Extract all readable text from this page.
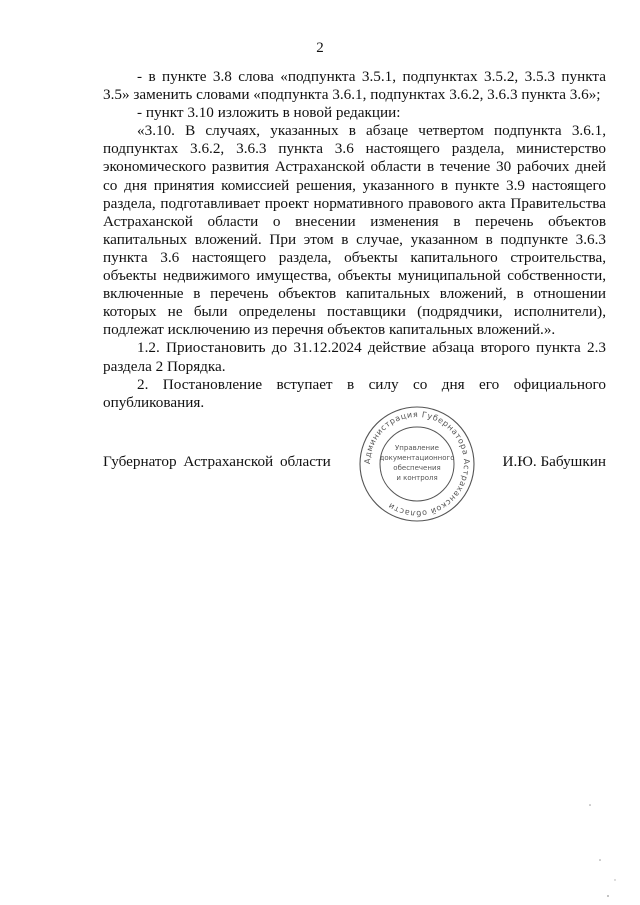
2

- в пункте 3.8 слова «подпункта 3.5.1, подпунктах 3.5.2, 3.5.3 пункта 3.5» заменить словами «подпункта 3.6.1, подпунктах 3.6.2, 3.6.3 пункта 3.6»;

- пункт 3.10 изложить в новой редакции:

«3.10. В случаях, указанных в абзаце четвертом подпункта 3.6.1, подпунктах 3.6.2, 3.6.3 пункта 3.6 настоящего раздела, министерство экономического развития Астраханской области в течение 30 рабочих дней со дня принятия комиссией решения, указанного в пункте 3.9 настоящего раздела, подготавливает проект нормативного правового акта Правительства Астраханской области о внесении изменения в перечень объектов капитальных вложений. При этом в случае, указанном в подпункте 3.6.3 пункта 3.6 настоящего раздела, объекты капитального строительства, объекты недвижимого имущества, объекты муниципальной собственности, включенные в перечень объектов капитальных вложений, в отношении которых не были определены поставщики (подрядчики, исполнители), подлежат исключению из перечня объектов капитальных вложений.».

1.2. Приостановить до 31.12.2024 действие абзаца второго пункта 2.3 раздела 2 Порядка.

2. Постановление вступает в силу со дня его официального опубликования.

Губернатор Астраханской области	И.Ю. Бабушкин
Администрация Губернатора Астраханской области
Управление
документационного
обеспечения
и контроля
